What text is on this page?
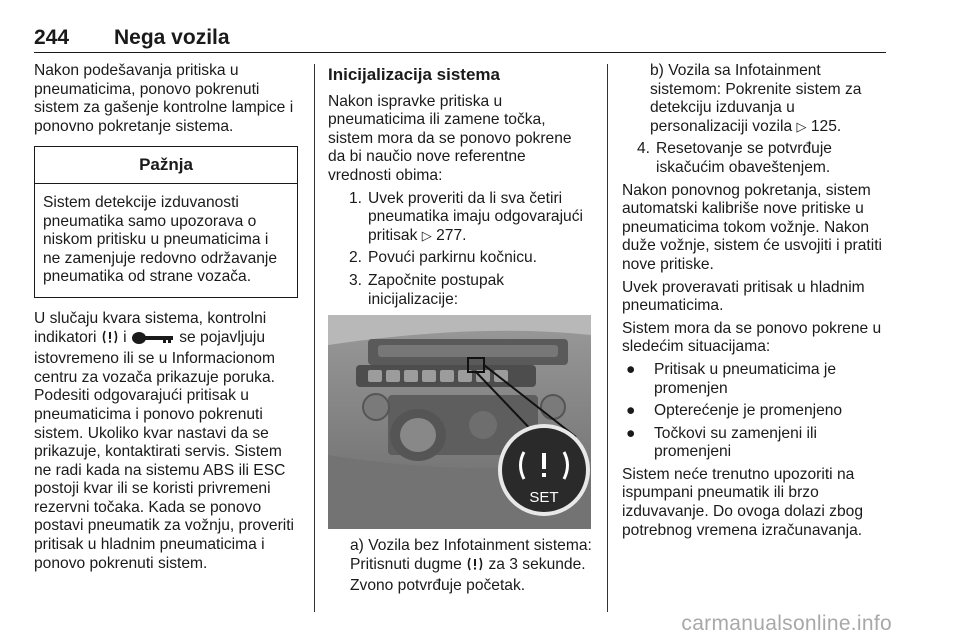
244 Nega vozila

Nakon podešavanja pritiska u pneumaticima, ponovo pokrenuti sistem za gašenje kontrolne lampice i ponovno pokretanje sistema.

Pažnja
Sistem detekcije izduvanosti pneumatika samo upozorava o niskom pritisku u pneumaticima i ne zamenjuje redovno održavanje pneumatika od strane vozača.

U slučaju kvara sistema, kontrolni indikatori i	se pojavljuju istovremeno ili se u Informacionom centru za vozača prikazuje poruka. Podesiti odgovarajući pritisak u pneumaticima i ponovo pokrenuti sistem. Ukoliko kvar nastavi da se prikazuje, kontaktirati servis. Sistem ne radi kada na sistemu ABS ili ESC postoji kvar ili se koristi privremeni rezervni točaka. Kada se ponovo postavi pneumatik za vožnju, proveriti pritisak u hladnim pneumaticima i ponovo pokrenuti sistem.

Inicijalizacija sistema

Nakon ispravke pritiska u pneumaticima ili zamene točka, sistem mora da se ponovo pokrene da bi naučio nove referentne vrednosti obima:

1. Uvek proveriti da li sva četiri pneumatika imaju odgovarajući pritisak ▷ 277.
2. Povući parkirnu kočnicu.
3. Započnite postupak inicijalizacije:
SET

a) Vozila bez Infotainment sistema: Pritisnuti dugme za 3 sekunde. Zvono potvrđuje početak.

b) Vozila sa Infotainment sistemom: Pokrenite sistem za detekciju izduvanja u personalizaciji vozila ▷ 125.

4. Resetovanje se potvrđuje iskačućim obaveštenjem.

Nakon ponovnog pokretanja, sistem automatski kalibriše nove pritiske u pneumaticima tokom vožnje. Nakon duže vožnje, sistem će usvojiti i pratiti nove pritiske.

Uvek proveravati pritisak u hladnim pneumaticima.

Sistem mora da se ponovo pokrene u sledećim situacijama:

●	Pritisak u pneumaticima je promenjen
●	Opterećenje je promenjeno
●	Točkovi su zamenjeni ili promenjeni

Sistem neće trenutno upozoriti na ispumpani pneumatik ili brzo izduvavanje. Do ovoga dolazi zbog potrebnog vremena izračunavanja.

carmanualsonline.info
